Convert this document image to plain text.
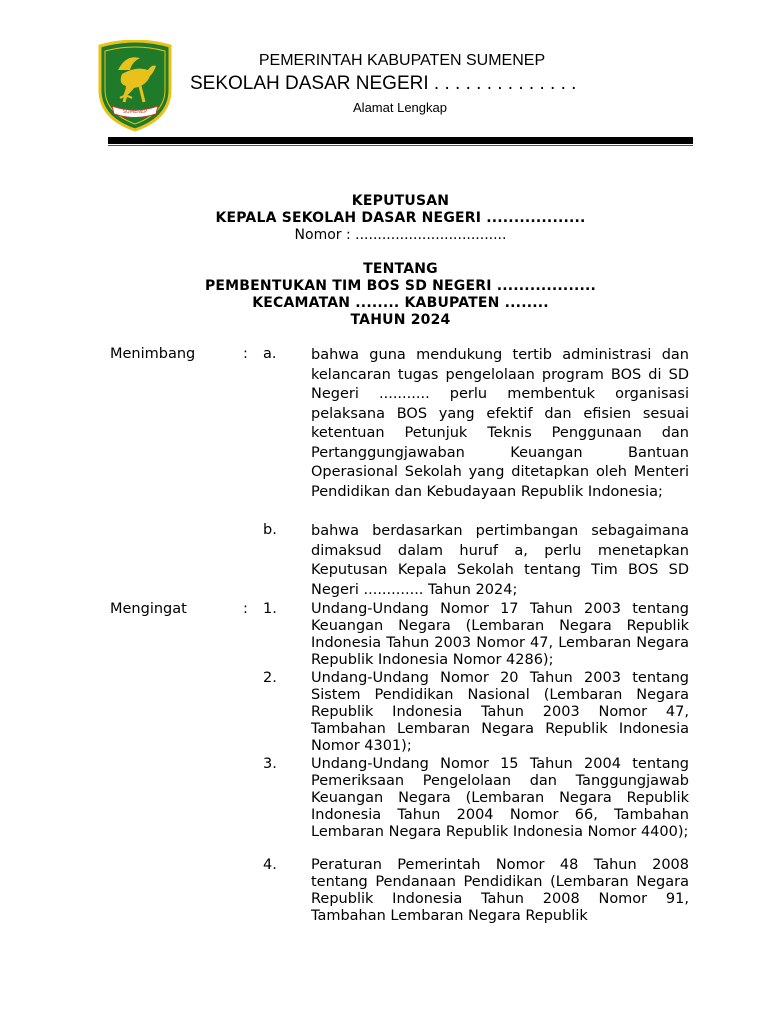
SUMENEP
PEMERINTAH KABUPATEN SUMENEP
SEKOLAH DASAR NEGERI . . . . . . . . . . . . . .
Alamat Lengkap
KEPUTUSAN
KEPALA SEKOLAH DASAR NEGERI ..................
Nomor : ..................................
TENTANG
PEMBENTUKAN TIM BOS SD NEGERI ..................
KECAMATAN ........ KABUPATEN ........
TAHUN 2024
Menimbang	: a. bahwa guna mendukung tertib administrasi dan kelancaran tugas pengelolaan program BOS di SD Negeri ........... perlu membentuk organisasi pelaksana BOS yang efektif dan efisien sesuai ketentuan Petunjuk Teknis Penggunaan dan Pertanggungjawaban Keuangan Bantuan Operasional Sekolah yang ditetapkan oleh Menteri Pendidikan dan Kebudayaan Republik Indonesia;
b. bahwa berdasarkan pertimbangan sebagaimana dimaksud dalam huruf a, perlu menetapkan Keputusan Kepala Sekolah tentang Tim BOS SD Negeri ............. Tahun 2024;
Mengingat	: 1. Undang-Undang Nomor 17 Tahun 2003 tentang Keuangan Negara (Lembaran Negara Republik Indonesia Tahun 2003 Nomor 47, Lembaran Negara Republik Indonesia Nomor 4286);
2. Undang-Undang Nomor 20 Tahun 2003 tentang Sistem Pendidikan Nasional (Lembaran Negara Republik Indonesia Tahun 2003 Nomor 47, Tambahan Lembaran Negara Republik Indonesia Nomor 4301);
3. Undang-Undang Nomor 15 Tahun 2004 tentang Pemeriksaan Pengelolaan dan Tanggungjawab Keuangan Negara (Lembaran Negara Republik Indonesia Tahun 2004 Nomor 66, Tambahan Lembaran Negara Republik Indonesia Nomor 4400);
4. Peraturan Pemerintah Nomor 48 Tahun 2008 tentang Pendanaan Pendidikan (Lembaran Negara Republik Indonesia Tahun 2008 Nomor 91, Tambahan Lembaran Negara Republik
